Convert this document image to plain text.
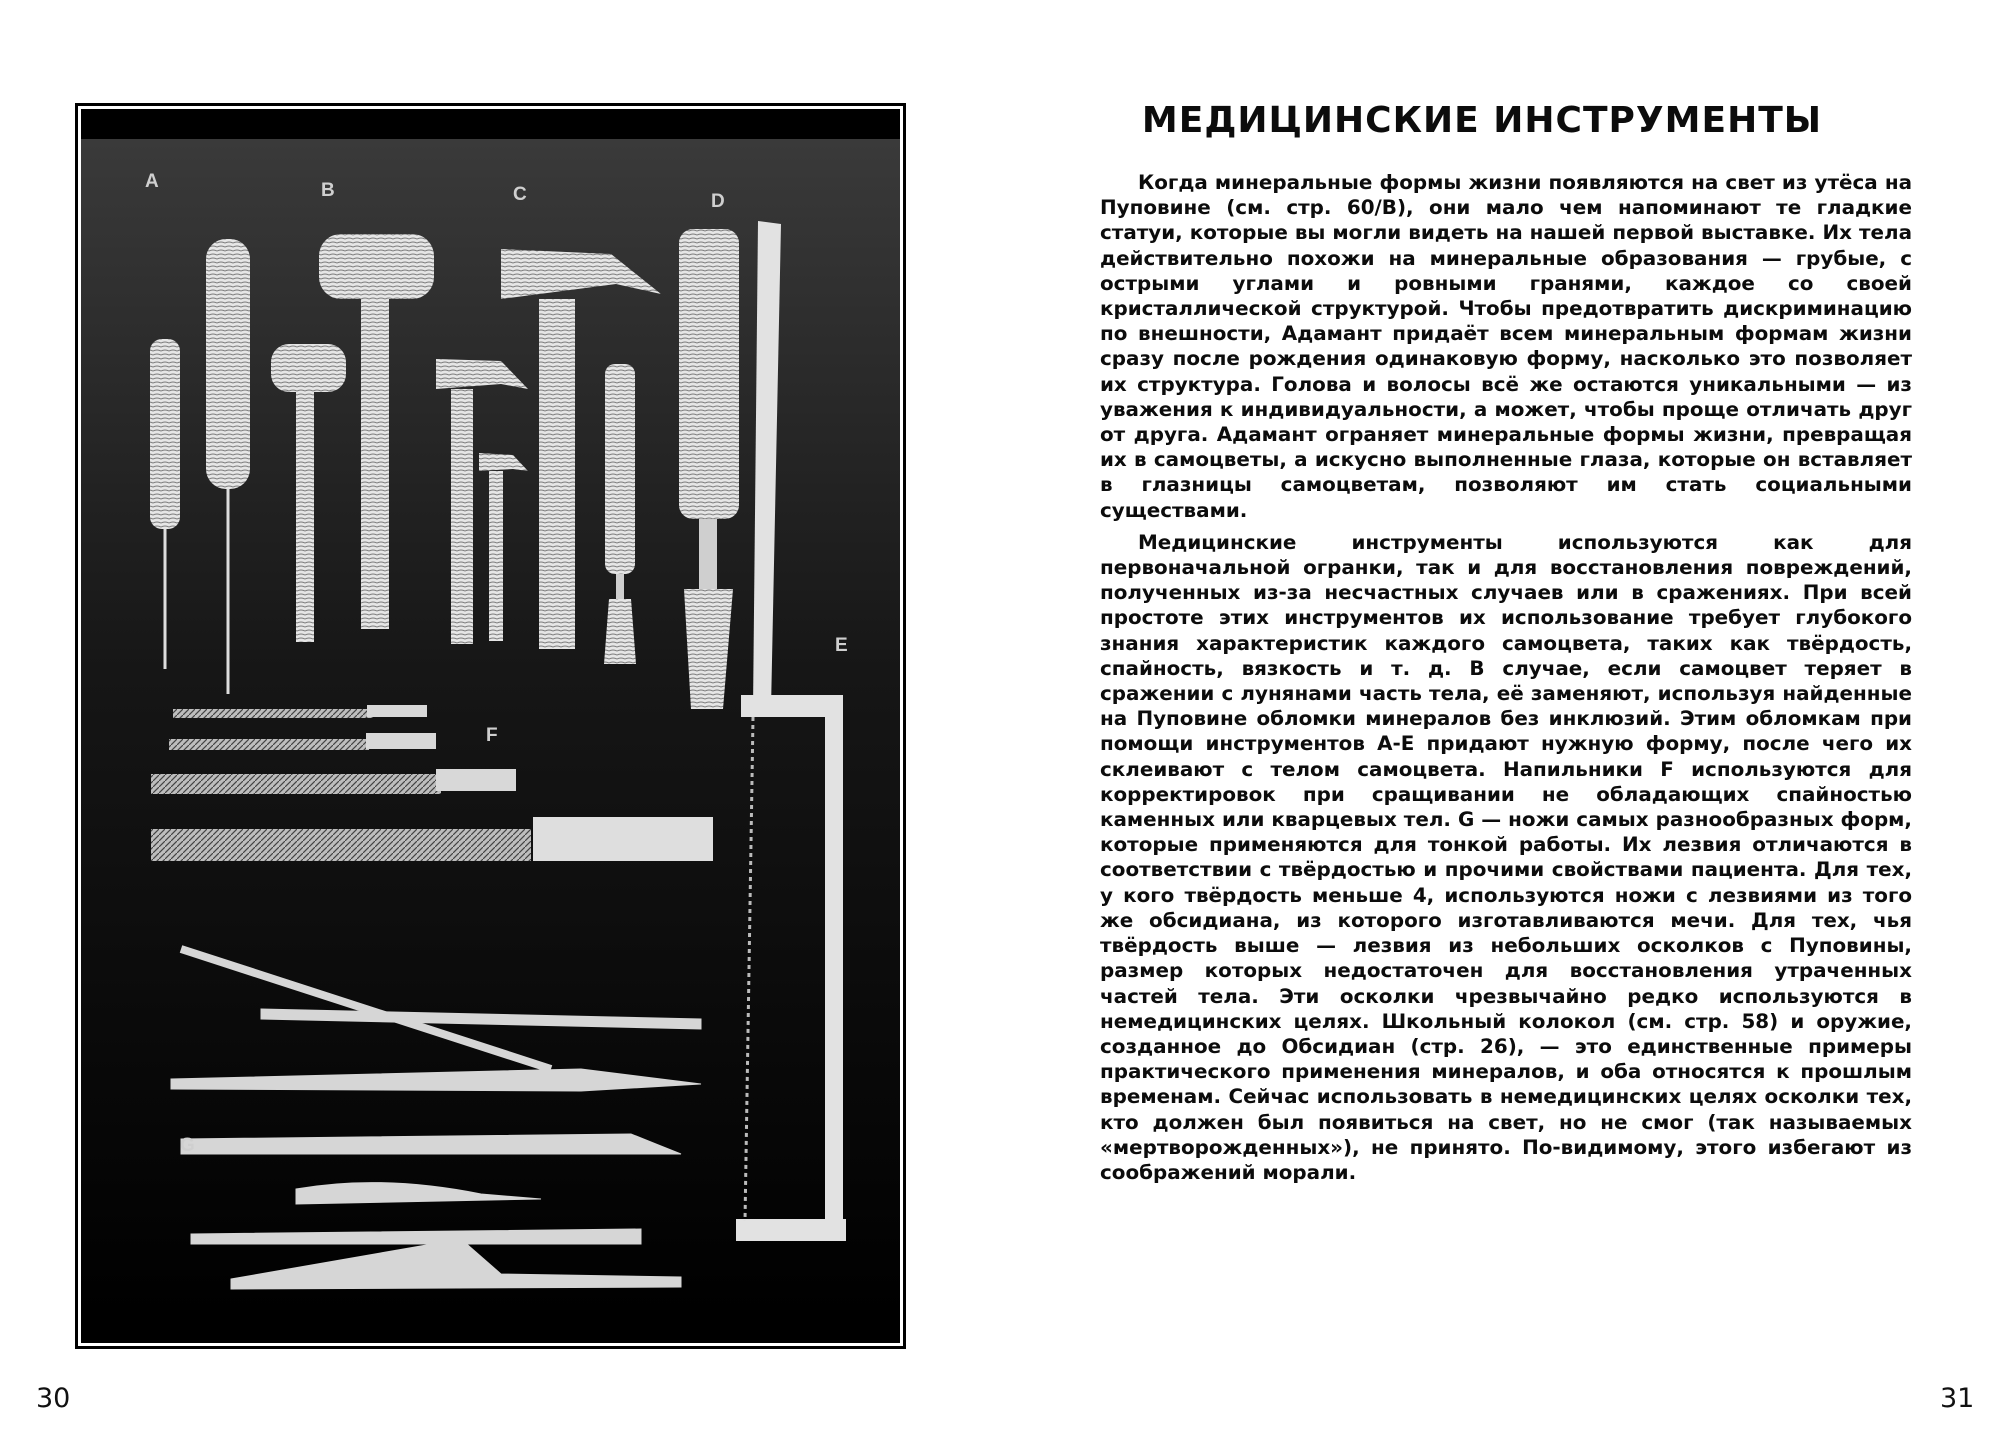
A	B	C	D
E
F
G
30
МЕДИЦИНСКИЕ ИНСТРУМЕНТЫ

Когда минеральные формы жизни появляются на свет из утёса на Пуповине (см. стр. 60/B), они мало чем напоминают те гладкие статуи, которые вы могли видеть на нашей первой выставке. Их тела действительно похожи на минеральные образования — грубые, с острыми углами и ровными гранями, каждое со своей кристаллической структурой. Чтобы предотвратить дискриминацию по внешности, Адамант придаёт всем минеральным формам жизни сразу после рождения одинаковую форму, насколько это позволяет их структура. Голова и волосы всё же остаются уникальными — из уважения к индивидуальности, а может, чтобы проще отличать друг от друга. Адамант ограняет минеральные формы жизни, превращая их в самоцветы, а искусно выполненные глаза, которые он вставляет в глазницы самоцветам, позволяют им стать социальными существами.

Медицинские инструменты используются как для первоначальной огранки, так и для восстановления повреждений, полученных из-за несчастных случаев или в сражениях. При всей простоте этих инструментов их использование требует глубокого знания характеристик каждого самоцвета, таких как твёрдость, спайность, вязкость и т. д. В случае, если самоцвет теряет в сражении с лунянами часть тела, её заменяют, используя найденные на Пуповине обломки минералов без инклюзий. Этим обломкам при помощи инструментов A-E придают нужную форму, после чего их склеивают с телом самоцвета. Напильники F используются для корректировок при сращивании не обладающих спайностью каменных или кварцевых тел. G — ножи самых разнообразных форм, которые применяются для тонкой работы. Их лезвия отличаются в соответствии с твёрдостью и прочими свойствами пациента. Для тех, у кого твёрдость меньше 4, используются ножи с лезвиями из того же обсидиана, из которого изготавливаются мечи. Для тех, чья твёрдость выше — лезвия из небольших осколков с Пуповины, размер которых недостаточен для восстановления утраченных частей тела. Эти осколки чрезвычайно редко используются в немедицинских целях. Школьный колокол (см. стр. 58) и оружие, созданное до Обсидиан (стр. 26), — это единственные примеры практического применения минералов, и оба относятся к прошлым временам. Сейчас использовать в немедицинских целях осколки тех, кто должен был появиться на свет, но не смог (так называемых «мертворожденных»), не принято. По-видимому, этого избегают из соображений морали.

31
